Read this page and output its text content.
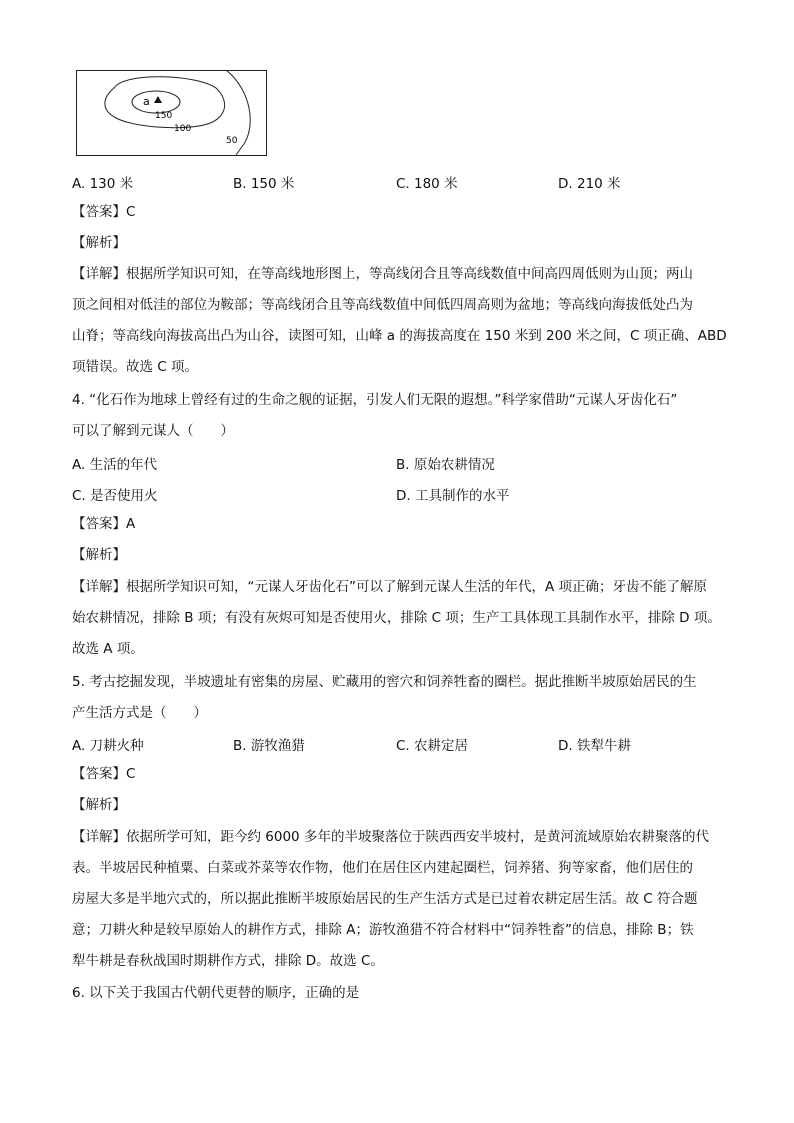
a
150
100
50
A. 130 米	B. 150 米	C. 180 米	D. 210 米
【答案】C
【解析】
【详解】根据所学知识可知，在等高线地形图上，等高线闭合且等高线数值中间高四周低则为山顶；两山
顶之间相对低洼的部位为鞍部；等高线闭合且等高线数值中间低四周高则为盆地；等高线向海拔低处凸为
山脊；等高线向海拔高出凸为山谷，读图可知，山峰 a 的海拔高度在 150 米到 200 米之间，C 项正确、ABD
项错误。故选 C 项。
4. “化石作为地球上曾经有过的生命之舰的证据，引发人们无限的遐想。”科学家借助“元谋人牙齿化石”
可以了解到元谋人（　　）
A. 生活的年代	B. 原始农耕情况
C. 是否使用火	D. 工具制作的水平
【答案】A
【解析】
【详解】根据所学知识可知，“元谋人牙齿化石”可以了解到元谋人生活的年代，A 项正确；牙齿不能了解原
始农耕情况，排除 B 项；有没有灰烬可知是否使用火，排除 C 项；生产工具体现工具制作水平，排除 D 项。
故选 A 项。
5. 考古挖掘发现，半坡遗址有密集的房屋、贮藏用的窖穴和饲养牲畜的圈栏。据此推断半坡原始居民的生
产生活方式是（　　）
A. 刀耕火种	B. 游牧渔猎	C. 农耕定居	D. 铁犁牛耕
【答案】C
【解析】
【详解】依据所学可知，距今约 6000 多年的半坡聚落位于陕西西安半坡村，是黄河流域原始农耕聚落的代
表。半坡居民种植粟、白菜或芥菜等农作物，他们在居住区内建起圈栏，饲养猪、狗等家畜，他们居住的
房屋大多是半地穴式的，所以据此推断半坡原始居民的生产生活方式是已过着农耕定居生活。故 C 符合题
意；刀耕火种是较早原始人的耕作方式，排除 A；游牧渔猎不符合材料中“饲养牲畜”的信息，排除 B；铁
犁牛耕是春秋战国时期耕作方式，排除 D。故选 C。
6. 以下关于我国古代朝代更替的顺序，正确的是
